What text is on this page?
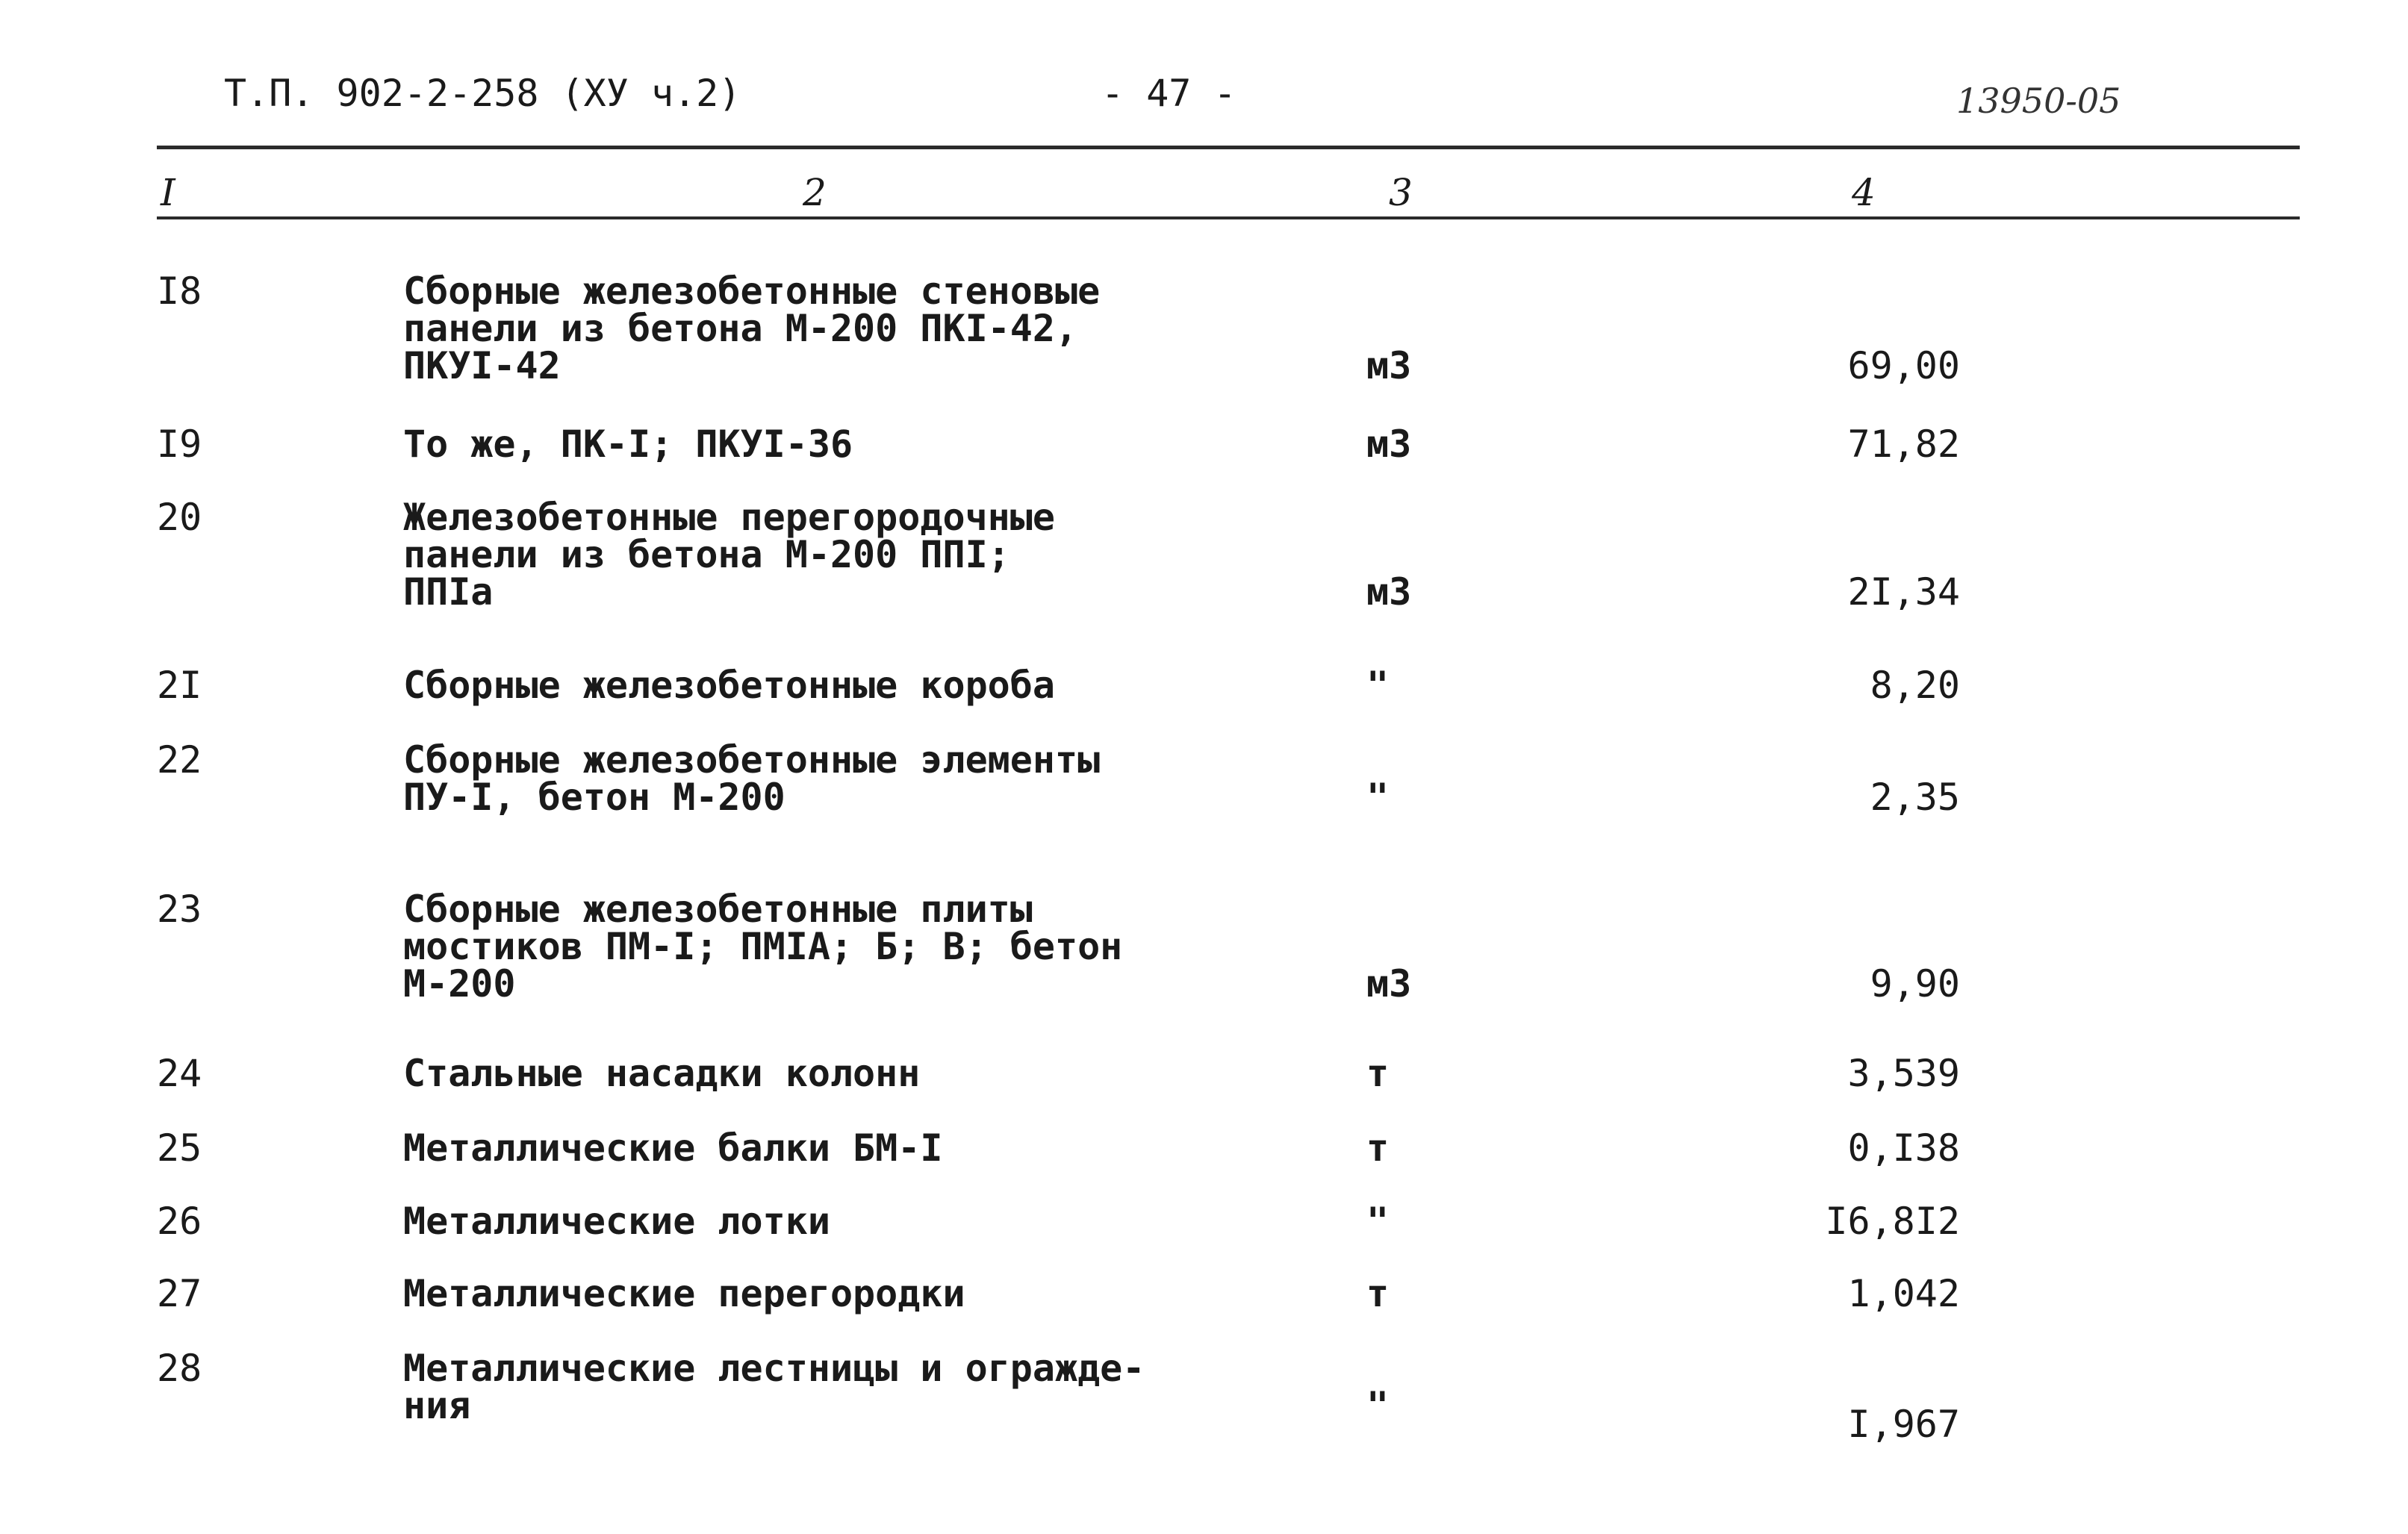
Т.П. 902-2-258 (ХУ ч.2)	- 47 -	13950-05
I	2	3	4
I8	Сборные железобетонные стеновые
панели из бетона М-200 ПКI-42,
ПКУI-42	м3	69,00
I9	То же, ПК-I; ПКУI-36	м3	71,82
20	Железобетонные перегородочные
панели из бетона М-200 ППI;
ППIа	м3	2I,34
2I	Сборные железобетонные короба	"	8,20
22	Сборные железобетонные элементы
ПУ-I, бетон М-200	"	2,35
23	Сборные железобетонные плиты
мостиков ПМ-I; ПМIА; Б; В; бетон
М-200	м3	9,90
24	Стальные насадки колонн	т	3,539
25	Металлические балки БМ-I	т	0,I38
26	Металлические лотки	"	I6,8I2
27	Металлические перегородки	т	1,042
28	Металлические лестницы и огражде-
ния	"	I,967
